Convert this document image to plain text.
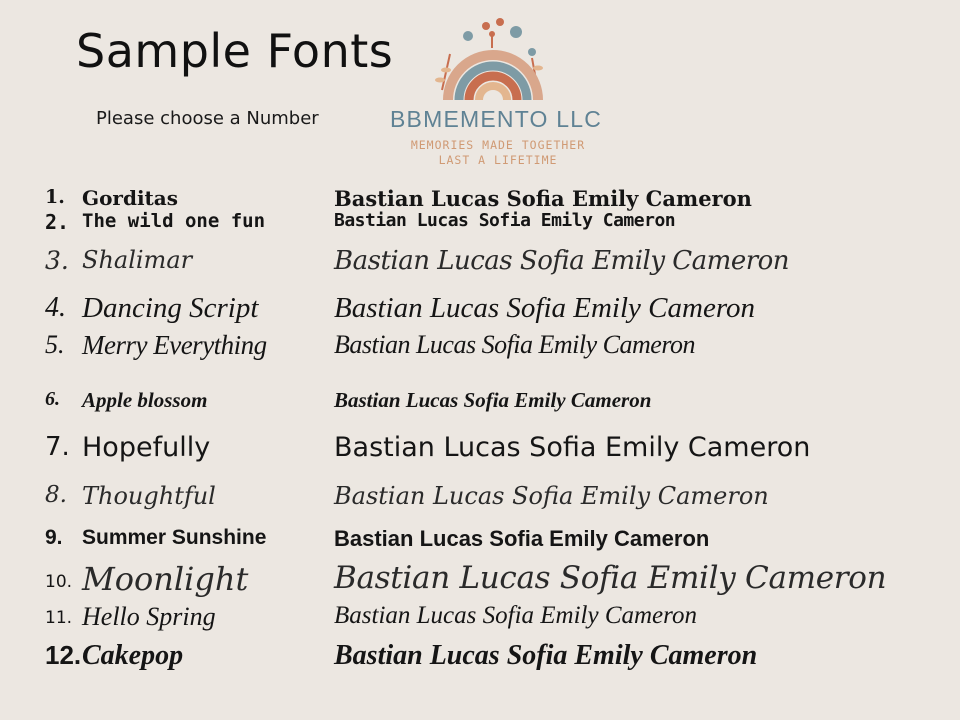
Sample Fonts
Please choose a Number	BBMEMENTO LLC
MEMORIES MADE TOGETHER
LAST A LIFETIME
1. Gorditas	Bastian Lucas Sofia Emily Cameron
2. The wild one fun	Bastian Lucas Sofia Emily Cameron
3. Shalimar	Bastian Lucas Sofia Emily Cameron
4. Dancing Script	Bastian Lucas Sofia Emily Cameron
5. Merry Everything	Bastian Lucas Sofia Emily Cameron
6. Apple blossom	Bastian Lucas Sofia Emily Cameron
7. Hopefully	Bastian Lucas Sofia Emily Cameron
8. Thoughtful	Bastian Lucas Sofia Emily Cameron
9. Summer Sunshine	Bastian Lucas Sofia Emily Cameron
10. Moonlight	Bastian Lucas Sofia Emily Cameron
11. Hello Spring	Bastian Lucas Sofia Emily Cameron
12. Cakepop	Bastian Lucas Sofia Emily Cameron
